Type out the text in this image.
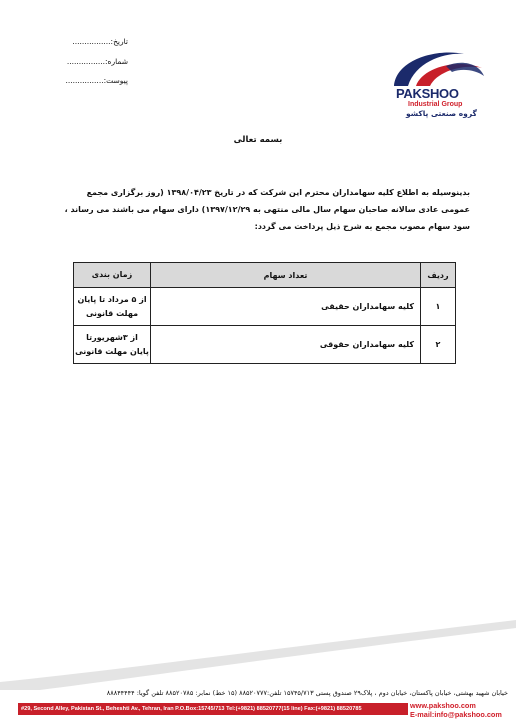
تاریخ:................
شماره:................
پیوست:................
PAKSHOO
Industrial Group
گروه صنعتی پاکشو
بسمه تعالی
بدینوسیله به اطلاع کلیه سهامداران محترم این شرکت که در تاریخ ۱۳۹۸/۰۴/۲۳ (روز برگزاری مجمع عمومی عادی سالانه صاحبان سهام سال مالی منتهی به ۱۳۹۷/۱۲/۲۹) دارای سهام می باشند می رساند ، سود سهام مصوب مجمع به شرح ذیل پرداخت می گردد:
ردیف	تعداد سهام	زمان بندی
۱	کلیه سهامداران حقیقی	از ۵ مرداد تا پایان
مهلت قانونی

۲	کلیه سهامداران حقوقی	از ۳شهریورتا
پایان مهلت قانونی
خیابان شهید بهشتی، خیابان پاکستان، خیابان دوم ، پلاک۲۹ صندوق پستی ۱۵۷۴۵/۷۱۳ تلفن:۸۸۵۲۰۷۷۷ (۱۵ خط) نمابر: ۸۸۵۲۰۷۸۵ تلفن گویا: ۸۸۸۴۴۴۴۴
#29, Second Alley, Pakistan St., Beheshti Av., Tehran, Iran P.O.Box:15745/713 Tel:(+9821) 88520777(15 line) Fax:(+9821) 88520785	www.pakshoo.com
E-mail:info@pakshoo.com
